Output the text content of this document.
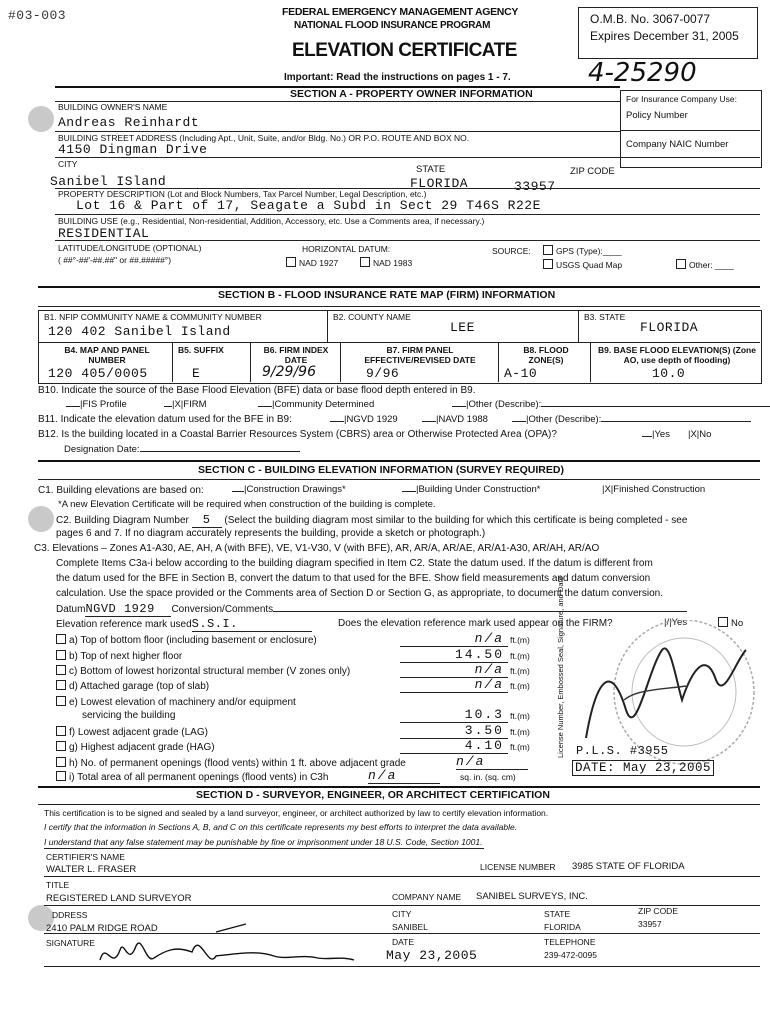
#03-003	FEDERAL EMERGENCY MANAGEMENT AGENCY
NATIONAL FLOOD INSURANCE PROGRAM
ELEVATION CERTIFICATE
O.M.B. No. 3067-0077
Expires December 31, 2005
4-25290
Important: Read the instructions on pages 1 - 7.
SECTION A - PROPERTY OWNER INFORMATION	For Insurance Company Use:
Policy Number
Company NAIC Number
BUILDING OWNER'S NAME
Andreas Reinhardt
BUILDING STREET ADDRESS (Including Apt., Unit, Suite, and/or Bldg. No.) OR P.O. ROUTE AND BOX NO.
4150 Dingman Drive
CITY	STATE	ZIP CODE
Sanibel ISland	FLORIDA	33957
PROPERTY DESCRIPTION (Lot and Block Numbers, Tax Parcel Number, Legal Description, etc.)
Lot 16 & Part of 17, Seagate a Subd in Sect 29 T46S R22E
BUILDING USE (e.g., Residential, Non-residential, Addition, Accessory, etc. Use a Comments area, if necessary.)
RESIDENTIAL
LATITUDE/LONGITUDE (OPTIONAL)
( ##°-##'-##.##" or ##.#####°)
HORIZONTAL DATUM:
NAD 1927	NAD 1983
SOURCE:	GPS (Type):____
USGS Quad Map	Other: ____
SECTION B - FLOOD INSURANCE RATE MAP (FIRM) INFORMATION
B1. NFIP COMMUNITY NAME & COMMUNITY NUMBER
120 402 Sanibel Island
B2. COUNTY NAME
LEE
B3. STATE
FLORIDA
B4. MAP AND PANEL NUMBER
120 405/0005
B5. SUFFIX
E
B6. FIRM INDEX DATE
9/29/96
B7. FIRM PANEL EFFECTIVE/REVISED DATE
9/96
B8. FLOOD ZONE(S)
A-10
B9. BASE FLOOD ELEVATION(S) (Zone AO, use depth of flooding)
10.0
B10. Indicate the source of the Base Flood Elevation (BFE) data or base flood depth entered in B9.
|FIS Profile	|X|FIRM	|Community Determined	|Other (Describe):
B11. Indicate the elevation datum used for the BFE in B9:	|NGVD 1929	|NAVD 1988	|Other (Describe):
B12. Is the building located in a Coastal Barrier Resources System (CBRS) area or Otherwise Protected Area (OPA)?	|Yes |X|No
Designation Date:
SECTION C - BUILDING ELEVATION INFORMATION (SURVEY REQUIRED)
C1. Building elevations are based on:	|Construction Drawings*	|Building Under Construction*	|X|Finished Construction
*A new Elevation Certificate will be required when construction of the building is complete.
C2. Building Diagram Number 5 (Select the building diagram most similar to the building for which this certificate is being completed - see
pages 6 and 7. If no diagram accurately represents the building, provide a sketch or photograph.)
C3. Elevations – Zones A1-A30, AE, AH, A (with BFE), VE, V1-V30, V (with BFE), AR, AR/A, AR/AE, AR/A1-A30, AR/AH, AR/AO
Complete Items C3a-i below according to the building diagram specified in Item C2. State the datum used. If the datum is different from
the datum used for the BFE in Section B, convert the datum to that used for the BFE. Show field measurements and datum conversion
calculation. Use the space provided or the Comments area of Section D or Section G, as appropriate, to document the datum conversion.
DatumNGVD 1929 Conversion/Comments
Elevation reference mark usedS.S.I.	Does the elevation reference mark used appear on the FIRM?	|/|Yes	No
a) Top of bottom floor (including basement or enclosure)	n/a ft.(m)
b) Top of next higher floor	14.50 ft.(m)
c) Bottom of lowest horizontal structural member (V zones only)	n/a ft.(m)
d) Attached garage (top of slab)	n/a ft.(m)
e) Lowest elevation of machinery and/or equipment
servicing the building	10.3 ft.(m)
f) Lowest adjacent grade (LAG)	3.50 ft.(m)
g) Highest adjacent grade (HAG)	4.10 ft.(m)
h) No. of permanent openings (flood vents) within 1 ft. above adjacent grade	n/a
i) Total area of all permanent openings (flood vents) in C3h	n/a	sq. in. (sq. cm)
License Number, Embossed Seal, Signature, and Date P.L.S. #3955
DATE: May 23,2005
SECTION D - SURVEYOR, ENGINEER, OR ARCHITECT CERTIFICATION
This certification is to be signed and sealed by a land surveyor, engineer, or architect authorized by law to certify elevation information.
I certify that the information in Sections A, B, and C on this certificate represents my best efforts to interpret the data available.
I understand that any false statement may be punishable by fine or imprisonment under 18 U.S. Code, Section 1001.
CERTIFIER'S NAME
WALTER L. FRASER	LICENSE NUMBER 3985 STATE OF FLORIDA
TITLE
REGISTERED LAND SURVEYOR	COMPANY NAME SANIBEL SURVEYS, INC.
DDRESS
2410 PALM RIDGE ROAD
CITY
SANIBEL
STATE
FLORIDA
ZIP CODE
33957
SIGNATURE	DATE
May 23,2005
TELEPHONE
239-472-0095
